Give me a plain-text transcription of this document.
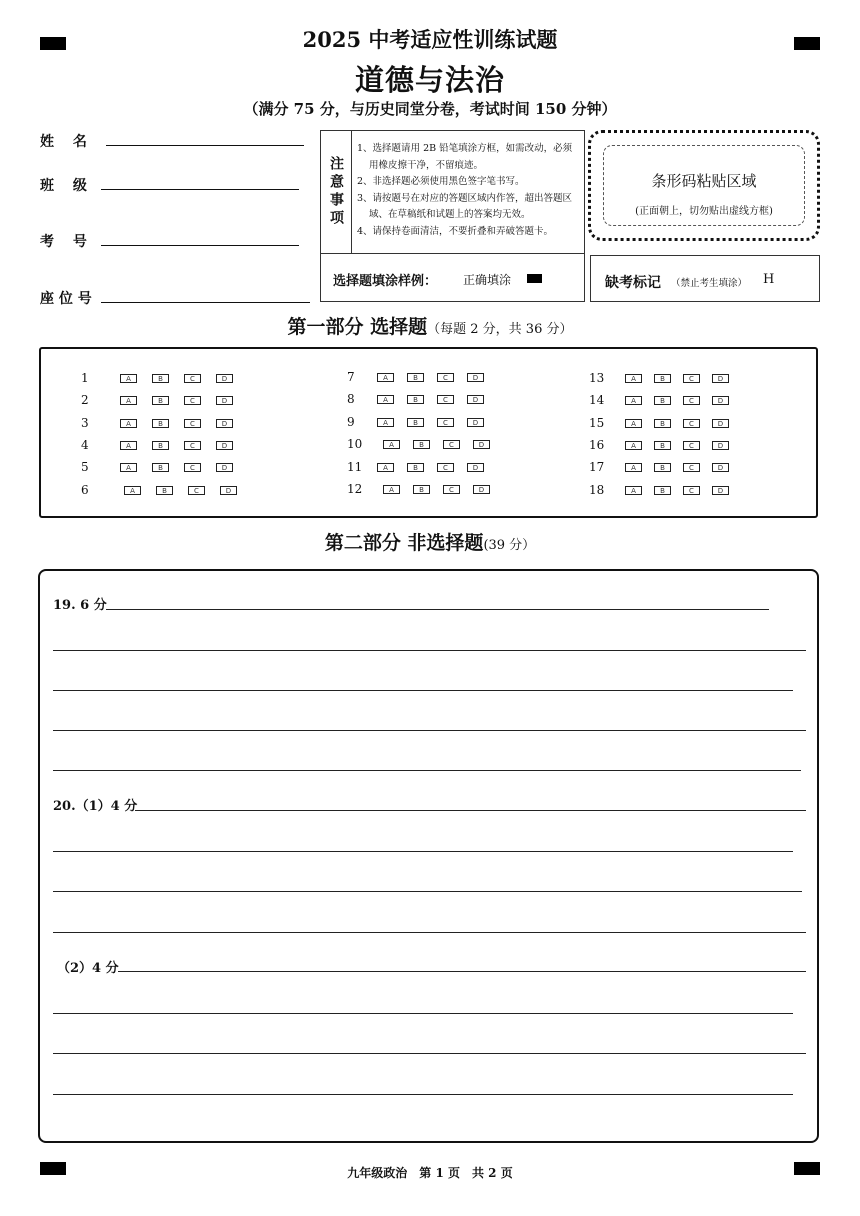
2025 中考适应性训练试题
道德与法治
（满分 75 分，与历史同堂分卷，考试时间 150 分钟）
姓　 名
班　 级
考　 号
座 位 号
注意事项
1、选择题请用 2B 铅笔填涂方框，如需改动，必须用橡皮擦干净，不留痕迹。
2、非选择题必须使用黑色签字笔书写。
3、请按题号在对应的答题区域内作答，超出答题区域、在草稿纸和试题上的答案均无效。
4、请保持卷面清洁，不要折叠和弄破答题卡。
选择题填涂样例： 正确填涂
条形码粘贴区域
(正面朝上，切勿贴出虚线方框)
缺考标记 （禁止考生填涂） H
第一部分 选择题（每题 2 分，共 36 分）
1	A	B	C	D
2	A	B	C	D
3	A	B	C	D
4	A	B	C	D
5	A	B	C	D
6	A	B	C	D
7	A	B	C	D
8	A	B	C	D
9	A	B	C	D
10	A	B	C	D
11	A	B	C	D
12	A	B	C	D
13	A	B	C	D
14	A	B	C	D
15	A	B	C	D
16	A	B	C	D
17	A	B	C	D
18	A	B	C	D
第二部分 非选择题(39 分）
19. 6 分
20.（1）4 分
（2）4 分
九年级政治　第 1 页　共 2 页
